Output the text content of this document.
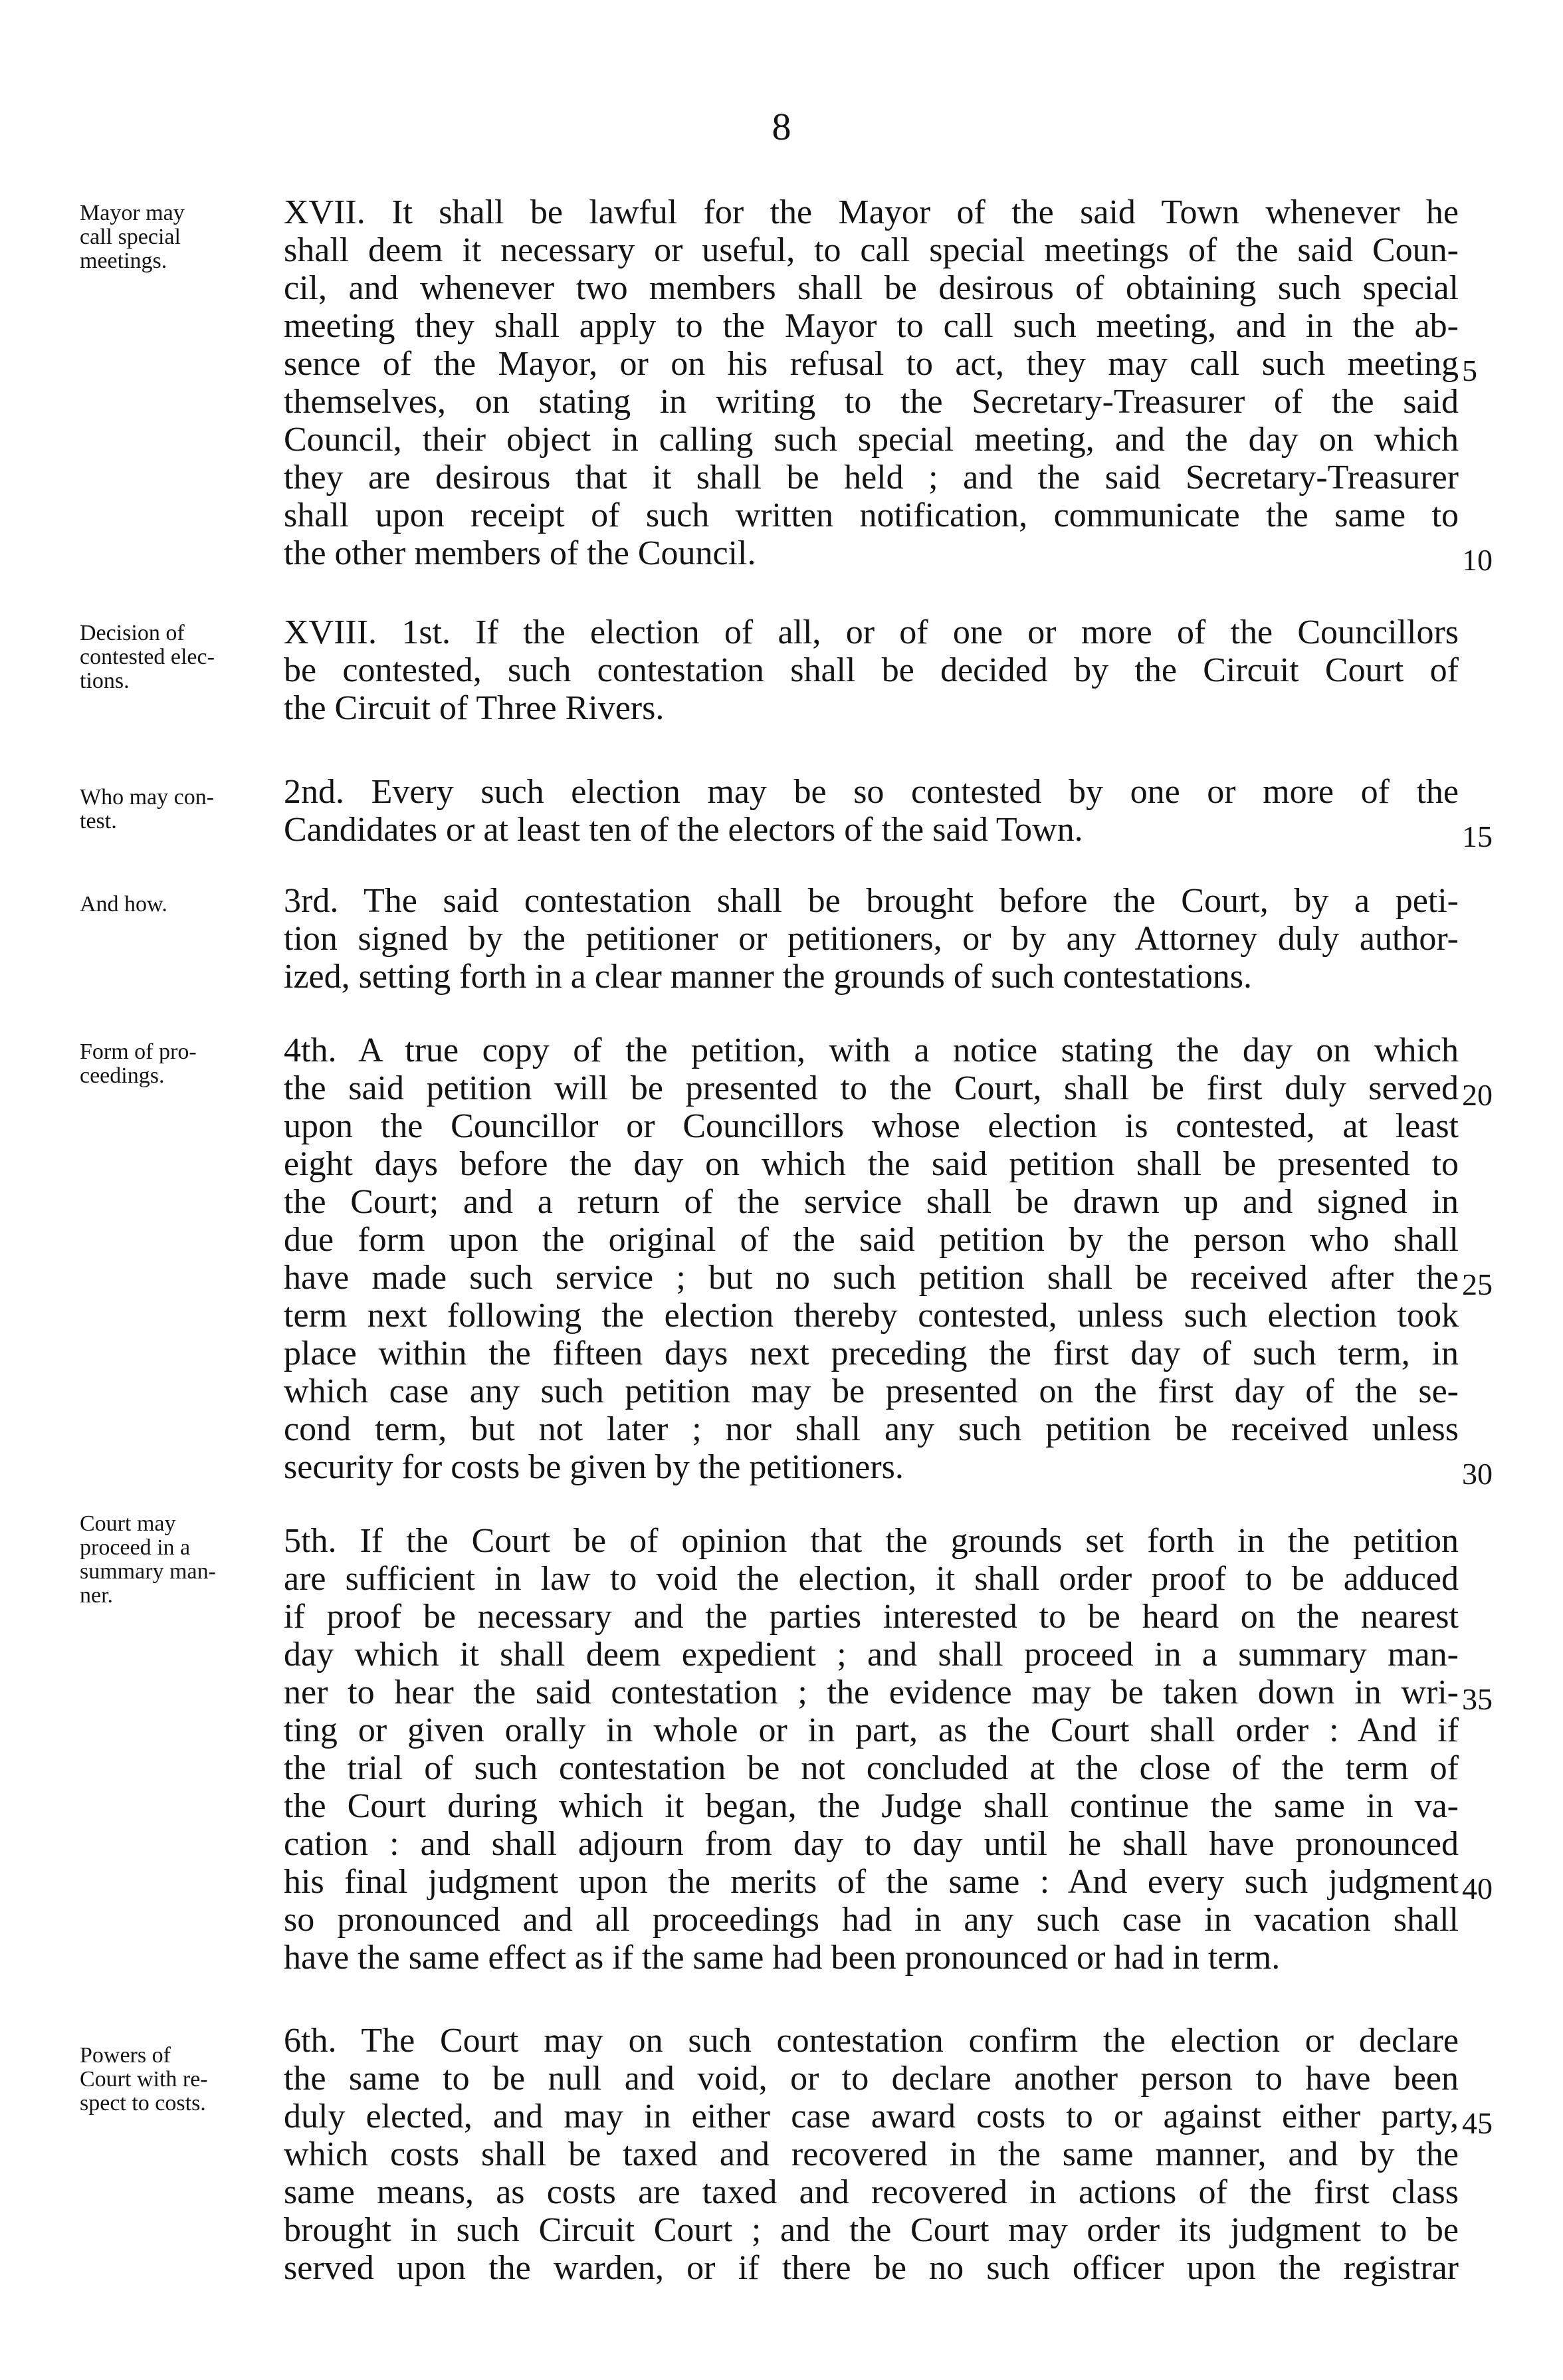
8
Mayor may
call special
meetings.
Decision of
contested elec-
tions.
Who may con-
test.
And how.
Form of pro-
ceedings.
Court may
proceed in a
summary man-
ner.
Powers of
Court with re-
spect to costs.
XVII. It shall be lawful for the Mayor of the said Town whenever he
shall deem it necessary or useful, to call special meetings of the said Coun-
cil, and whenever two members shall be desirous of obtaining such special
meeting they shall apply to the Mayor to call such meeting, and in the ab-
sence of the Mayor, or on his refusal to act, they may call such meeting
themselves, on stating in writing to the Secretary-Treasurer of the said
Council, their object in calling such special meeting, and the day on which
they are desirous that it shall be held ; and the said Secretary-Treasurer
shall upon receipt of such written notification, communicate the same to
the other members of the Council.
XVIII. 1st. If the election of all, or of one or more of the Councillors
be contested, such contestation shall be decided by the Circuit Court of
the Circuit of Three Rivers.
2nd. Every such election may be so contested by one or more of the
Candidates or at least ten of the electors of the said Town.
3rd. The said contestation shall be brought before the Court, by a peti-
tion signed by the petitioner or petitioners, or by any Attorney duly author-
ized, setting forth in a clear manner the grounds of such contestations.
4th. A true copy of the petition, with a notice stating the day on which
the said petition will be presented to the Court, shall be first duly served
upon the Councillor or Councillors whose election is contested, at least
eight days before the day on which the said petition shall be presented to
the Court; and a return of the service shall be drawn up and signed in
due form upon the original of the said petition by the person who shall
have made such service ; but no such petition shall be received after the
term next following the election thereby contested, unless such election took
place within the fifteen days next preceding the first day of such term, in
which case any such petition may be presented on the first day of the se-
cond term, but not later ; nor shall any such petition be received unless
security for costs be given by the petitioners.
5th. If the Court be of opinion that the grounds set forth in the petition
are sufficient in law to void the election, it shall order proof to be adduced
if proof be necessary and the parties interested to be heard on the nearest
day which it shall deem expedient ; and shall proceed in a summary man-
ner to hear the said contestation ; the evidence may be taken down in wri-
ting or given orally in whole or in part, as the Court shall order : And if
the trial of such contestation be not concluded at the close of the term of
the Court during which it began, the Judge shall continue the same in va-
cation : and shall adjourn from day to day until he shall have pronounced
his final judgment upon the merits of the same : And every such judgment
so pronounced and all proceedings had in any such case in vacation shall
have the same effect as if the same had been pronounced or had in term.
6th. The Court may on such contestation confirm the election or declare
the same to be null and void, or to declare another person to have been
duly elected, and may in either case award costs to or against either party,
which costs shall be taxed and recovered in the same manner, and by the
same means, as costs are taxed and recovered in actions of the first class
brought in such Circuit Court ; and the Court may order its judgment to be
served upon the warden, or if there be no such officer upon the registrar
5
10
15
20
25
30
35
40
45
